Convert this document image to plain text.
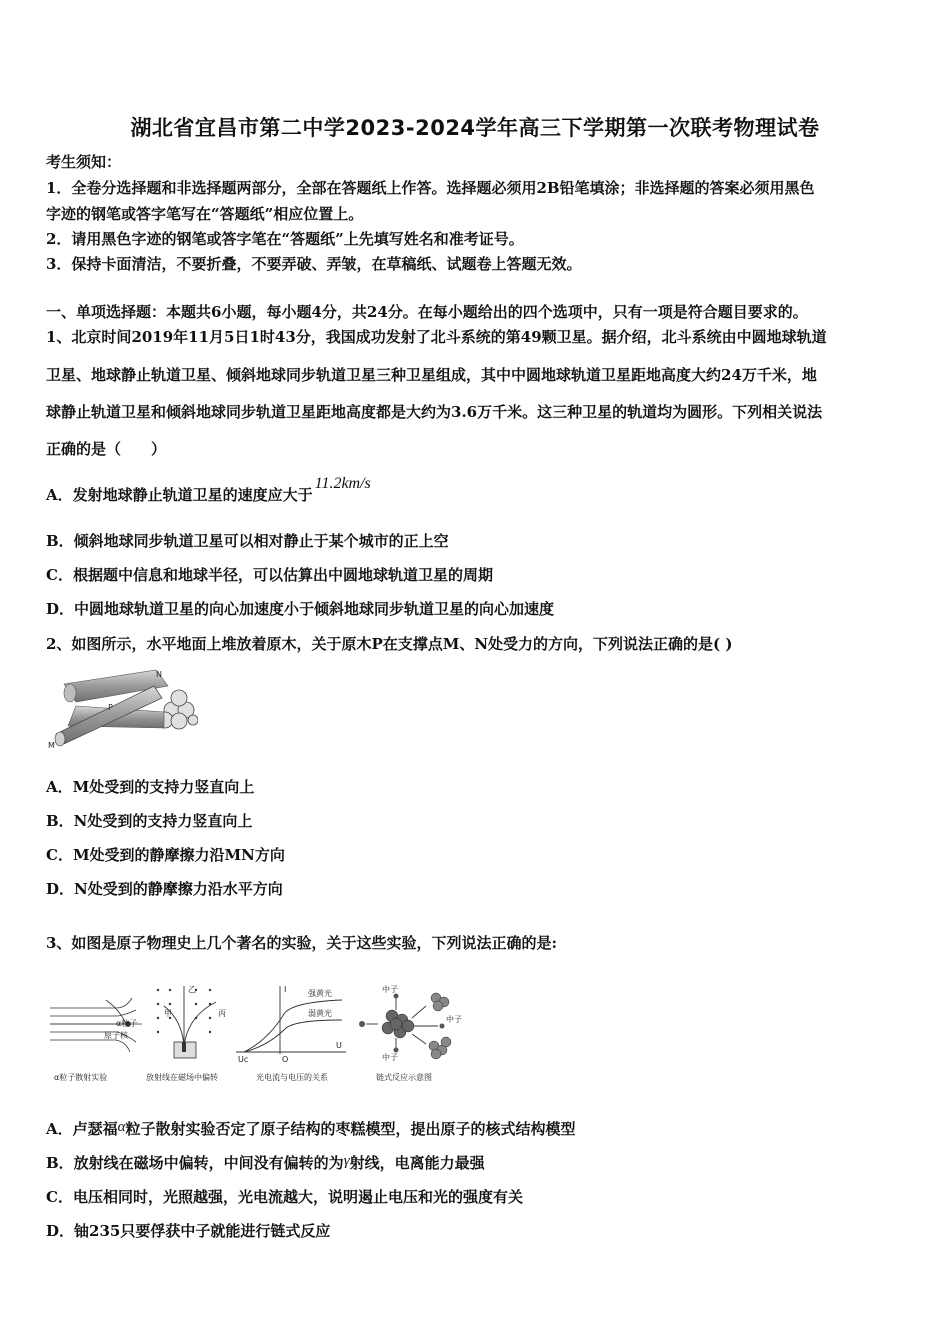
湖北省宜昌市第二中学2023-2024学年高三下学期第一次联考物理试卷
考生须知：
1．全卷分选择题和非选择题两部分，全部在答题纸上作答。选择题必须用2B铅笔填涂；非选择题的答案必须用黑色
字迹的钢笔或答字笔写在“答题纸”相应位置上。
2．请用黑色字迹的钢笔或答字笔在“答题纸”上先填写姓名和准考证号。
3．保持卡面清洁，不要折叠，不要弄破、弄皱，在草稿纸、试题卷上答题无效。
一、单项选择题：本题共6小题，每小题4分，共24分。在每小题给出的四个选项中，只有一项是符合题目要求的。
1、北京时间2019年11月5日1时43分，我国成功发射了北斗系统的第49颗卫星。据介绍，北斗系统由中圆地球轨道
卫星、地球静止轨道卫星、倾斜地球同步轨道卫星三种卫星组成，其中中圆地球轨道卫星距地高度大约24万千米，地
球静止轨道卫星和倾斜地球同步轨道卫星距地高度都是大约为3.6万千米。这三种卫星的轨道均为圆形。下列相关说法
正确的是（　　）
A．发射地球静止轨道卫星的速度应大于11.2km/s
B．倾斜地球同步轨道卫星可以相对静止于某个城市的正上空
C．根据题中信息和地球半径，可以估算出中圆地球轨道卫星的周期
D．中圆地球轨道卫星的向心加速度小于倾斜地球同步轨道卫星的向心加速度
2、如图所示，水平地面上堆放着原木，关于原木P在支撑点M、N处受力的方向，下列说法正确的是( )
N
P
M
A．M处受到的支持力竖直向上
B．N处受到的支持力竖直向上
C．M处受到的静摩擦力沿MN方向
D．N处受到的静摩擦力沿水平方向
3、如图是原子物理史上几个著名的实验，关于这些实验，下列说法正确的是:
α粒子
原子核
α粒子散射实验
甲
乙
丙
放射线在磁场中偏转
I
U
O
Uc
强黄光
弱黄光
光电流与电压的关系
中子
中子
中子
链式反应示意图
A．卢瑟福α粒子散射实验否定了原子结构的枣糕模型，提出原子的核式结构模型
B．放射线在磁场中偏转，中间没有偏转的为γ射线，电离能力最强
C．电压相同时，光照越强，光电流越大，说明遏止电压和光的强度有关
D．铀235只要俘获中子就能进行链式反应
